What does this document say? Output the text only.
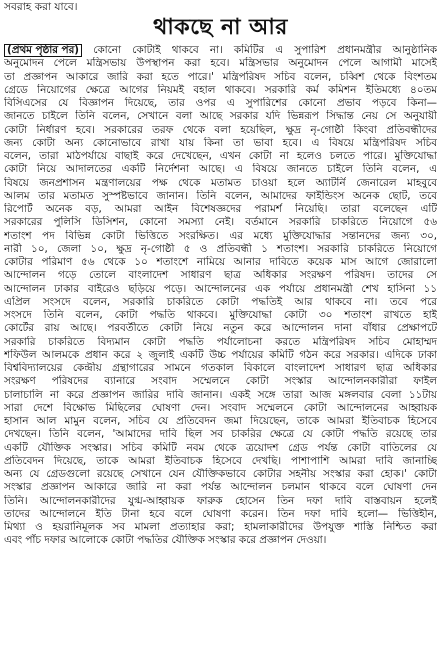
সবরাহ করা যাবে।
থাকছে না আর
(প্রথম পৃষ্ঠার পর) কোনো কোটাই থাকবে না। কমিটির এ সুপারিশ প্রধানমন্ত্রীর আনুষ্ঠানিক
অনুমোদন পেলে মন্ত্রিসভায় উপস্থাপন করা হবে। মন্ত্রিসভার অনুমোদন পেলে আগামী মাসেই
তা প্রজ্ঞাপন আকারে জারি করা হতে পারে।' মন্ত্রিপরিষদ সচিব বলেন, চব্বিশ থেকে বিংশতম
গ্রেডে নিয়োগের ক্ষেত্রে আগের নিয়মই বহাল থাকবে। সরকারি কর্ম কমিশন ইতিমধ্যে ৪০তম
বিসিএসের যে বিজ্ঞাপন দিয়েছে, তার ওপর এ সুপারিশের কোনো প্রভাব পড়বে কিনা—
জানতে চাইলে তিনি বলেন, সেখানে বলা আছে সরকার যদি ভিন্নরূপ সিদ্ধান্ত নেয় সে অনুযায়ী
কোটা নির্ধারণ হবে। সরকারের তরফ থেকে বলা হয়েছিল, ক্ষুদ্র নৃ-গোষ্ঠী কিংবা প্রতিবন্ধীদের
জন্য কোটা অন্য কোনোভাবে রাখা যায় কিনা তা ভাবা হবে। এ বিষয়ে মন্ত্রিপরিষদ সচিব
বলেন, তারা মাঠপর্যায়ে বাছাই করে দেখেছেন, এখন কোটা না হলেও চলতে পারে। মুক্তিযোদ্ধা
কোটা নিয়ে আদালতের একটি নির্দেশনা আছে। এ বিষয়ে জানতে চাইলে তিনি বলেন, এ
বিষয়ে জনপ্রশাসন মন্ত্রণালয়ের পক্ষ থেকে মতামত চাওয়া হলে অ্যাটর্নি জেনারেল মাহবুবে
আলম তার মতামত সুস্পষ্টভাবে জানান। তিনি বলেন, আমাদের ফাইন্ডিংস অনেক ছোট, তবে
রিপোর্ট অনেক বড়, আমরা আইন বিশেষজ্ঞদের পরামর্শ নিয়েছি। তারা বলেছেন এটি
সরকারের পুলিসি ডিসিশন, কোনো সমস্যা নেই। বর্তমানে সরকারি চাকরিতে নিয়োগে ৫৬
শতাংশ পদ বিভিন্ন কোটা ভিত্তিতে সংরক্ষিত। এর মধ্যে মুক্তিযোদ্ধার সন্তানদের জন্য ৩০,
নারী ১০, জেলা ১০, ক্ষুদ্র নৃ-গোষ্ঠী ৫ ও প্রতিবন্ধী ১ শতাংশ। সরকারি চাকরিতে নিয়োগে
কোটার পরিমাণ ৫৬ থেকে ১০ শতাংশে নামিয়ে আনার দাবিতে কয়েক মাস আগে জোরালো
আন্দোলন গড়ে তোলে বাংলাদেশ সাধারণ ছাত্র অধিকার সংরক্ষণ পরিষদ। তাদের সে
আন্দোলন ঢাকার বাইরেও ছড়িয়ে পড়ে। আন্দোলনের এক পর্যায়ে প্রধানমন্ত্রী শেখ হাসিনা ১১
এপ্রিল সংসদে বলেন, সরকারি চাকরিতে কোটা পদ্ধতিই আর থাকবে না। তবে পরে
সংসদে তিনি বলেন, কোটা পদ্ধতি থাকবে। মুক্তিযোদ্ধা কোটা ৩০ শতাংশ রাখতে হাই
কোর্টের রায় আছে। পরবর্তীতে কোটা নিয়ে নতুন করে আন্দোলন দানা বাঁধার প্রেক্ষাপটে
সরকারি চাকরিতে বিদ্যমান কোটা পদ্ধতি পর্যালোচনা করতে মন্ত্রিপরিষদ সচিব মোহাম্মদ
শফিউল আলমকে প্রধান করে ২ জুলাই একটি উচ্চ পর্যায়ের কমিটি গঠন করে সরকার। এদিকে ঢাকা
বিশ্ববিদ্যালয়ের কেন্দ্রীয় গ্রন্থাগারের সামনে গতকাল বিকালে বাংলাদেশ সাধারণ ছাত্র অধিকার
সংরক্ষণ পরিষদের ব্যানারে সংবাদ সম্মেলনে কোটা সংস্কার আন্দোলনকারীরা ফাইল
চালাচালি না করে প্রজ্ঞাপন জারির দাবি জানান। একই সঙ্গে তারা আজ মঙ্গলবার বেলা ১১টায়
সারা দেশে বিক্ষোভ মিছিলের ঘোষণা দেন। সংবাদ সম্মেলনে কোটা আন্দোলনের আহ্বায়ক
হাসান আল মামুন বলেন, সচিব যে প্রতিবেদন জমা দিয়েছেন, তাকে আমরা ইতিবাচক হিসেবে
দেখছেন। তিনি বলেন, 'আমাদের দাবি ছিল সব চাকরির ক্ষেত্রে যে কোটা পদ্ধতি রয়েছে তার
একটি যৌক্তিক সংস্কার। সচিব কমিটি নবম থেকে ত্রয়োদশ গ্রেড পর্যন্ত কোটা বাতিলের যে
প্রতিবেদন দিয়েছে, তাকে আমরা ইতিবাচক হিসেবে দেখছি। পাশাপাশি আমরা দাবি জানাচ্ছি
অন্য যে গ্রেডগুলো রয়েছে সেখানে যেন যৌক্তিকভাবে কোটার সহনীয় সংস্কার করা হোক।' কোটা
সংস্কার প্রজ্ঞাপন আকারে জারি না করা পর্যন্ত আন্দোলন চলমান থাকবে বলে ঘোষণা দেন
তিনি। আন্দোলনকারীদের যুগ্ম-আহ্বায়ক ফারুক হোসেন তিন দফা দাবি বাস্তবায়ন হলেই
তাদের আন্দোলনে ইতি টানা হবে বলে ঘোষণা করেন। তিন দফা দাবি হলো— ভিত্তিহীন,
মিথ্যা ও হয়রানিমূলক সব মামলা প্রত্যাহার করা; হামলাকারীদের উপযুক্ত শাস্তি নিশ্চিত করা
এবং পাঁচ দফার আলোকে কোটা পদ্ধতির যৌক্তিক সংস্কার করে প্রজ্ঞাপন দেওয়া।
